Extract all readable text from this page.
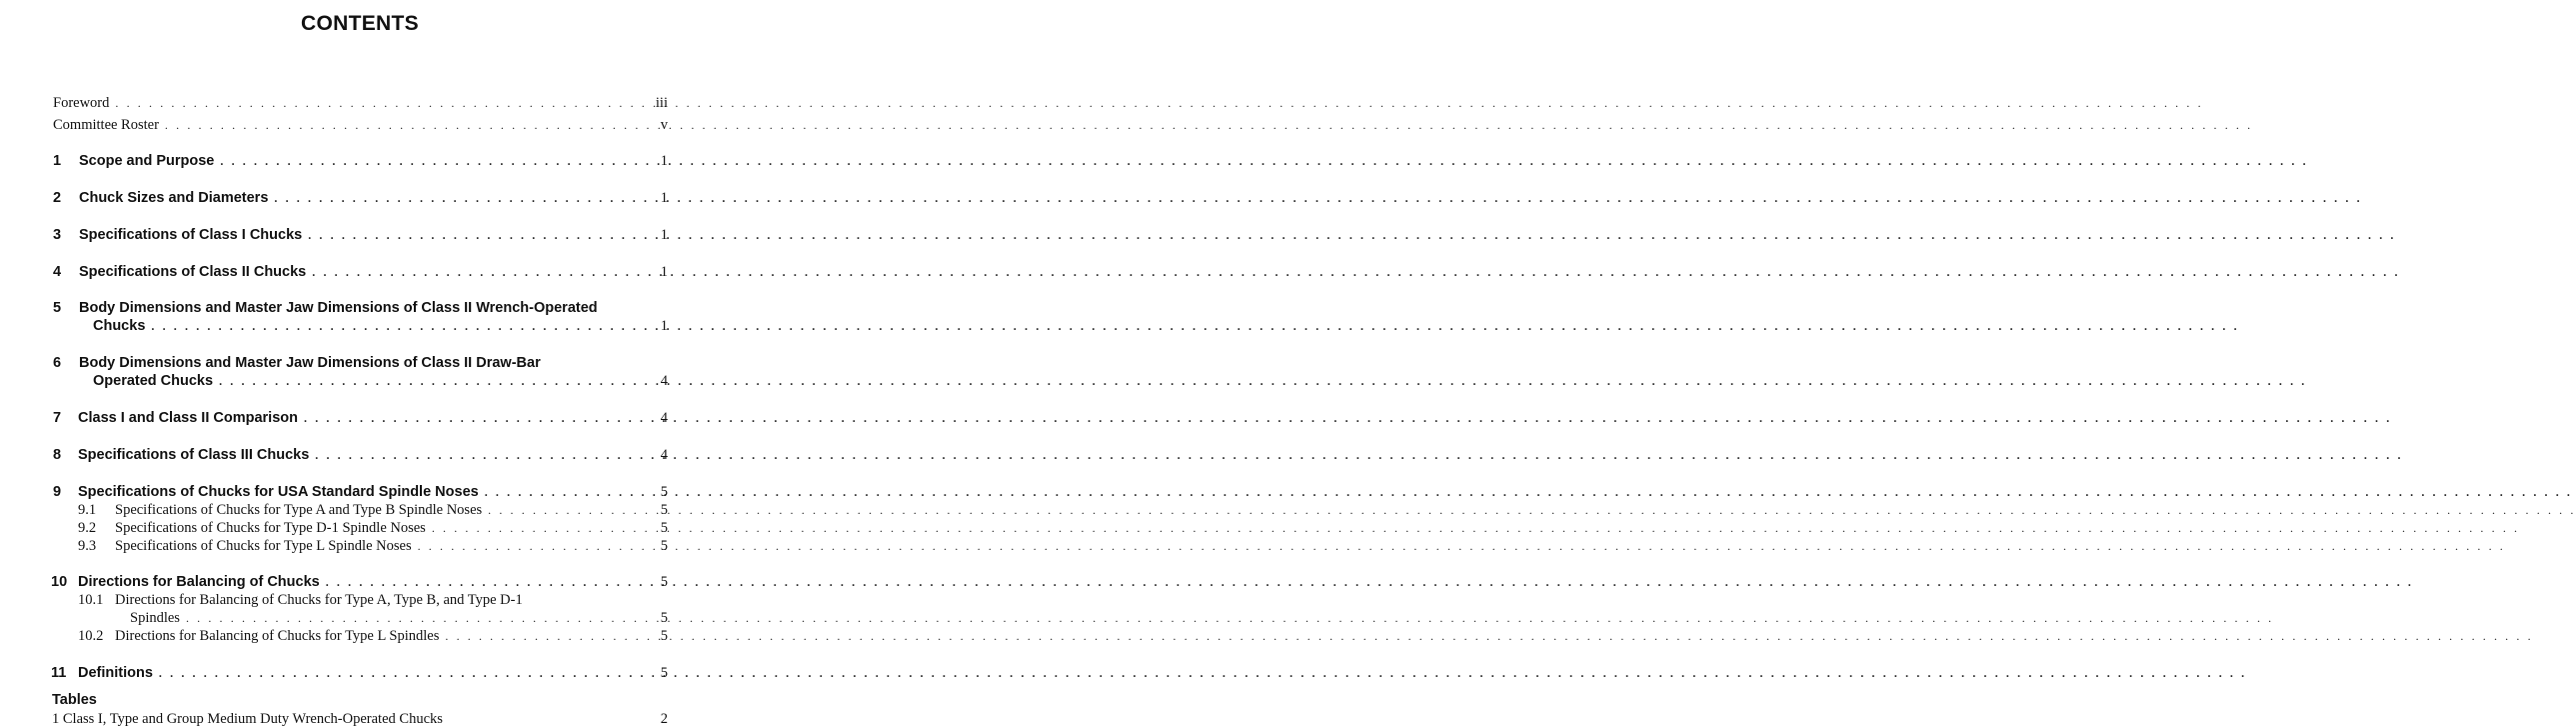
CONTENTS
Foreword . . .	iii
Committee Roster . . .	v
1 Scope and Purpose . . .	1
2 Chuck Sizes and Diameters . . .	1
3 Specifications of Class I Chucks . . .	1
4 Specifications of Class II Chucks . . .	1
5 Body Dimensions and Master Jaw Dimensions of Class II Wrench-Operated
Chucks . . .	1
6 Body Dimensions and Master Jaw Dimensions of Class II Draw-Bar
Operated Chucks . . .	4
7 Class I and Class II Comparison . . .	4
8 Specifications of Class III Chucks . . .	4
9 Specifications of Chucks for USA Standard Spindle Noses . . .	5
9.1 Specifications of Chucks for Type A and Type B Spindle Noses . . .	5
9.2 Specifications of Chucks for Type D-1 Spindle Noses . . .	5
9.3 Specifications of Chucks for Type L Spindle Noses . . .	5
10 Directions for Balancing of Chucks . . .	5
10.1 Directions for Balancing of Chucks for Type A, Type B, and Type D-1
Spindles . . .	5
10.2 Directions for Balancing of Chucks for Type L Spindles . . .	5
11 Definitions . . .	5
Tables
1 Class I, Type and Group Medium Duty Wrench-Operated Chucks	2
